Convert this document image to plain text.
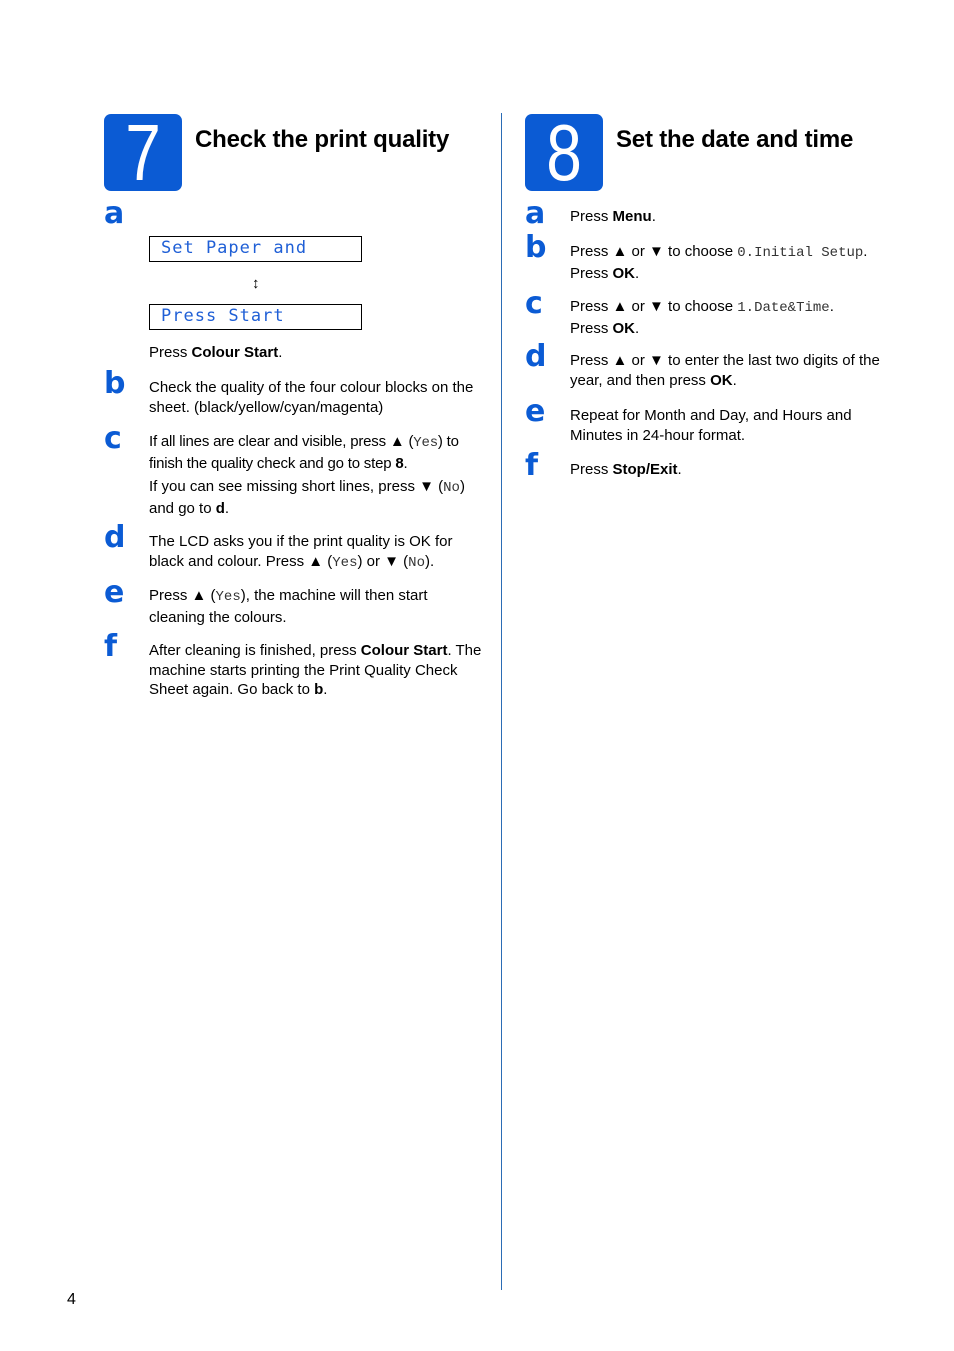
7	Check the print quality
a
Set Paper and
↕
Press Start
Press Colour Start.
b Check the quality of the four colour blocks on the sheet. (black/yellow/cyan/magenta)
c If all lines are clear and visible, press ▲ (Yes) to finish the quality check and go to step 8.
If you can see missing short lines, press ▼ (No) and go to d.
d The LCD asks you if the print quality is OK for black and colour. Press ▲ (Yes) or ▼ (No).
e Press ▲ (Yes), the machine will then start cleaning the colours.
f After cleaning is finished, press Colour Start. The machine starts printing the Print Quality Check Sheet again. Go back to b.
8	Set the date and time
a Press Menu.
b Press ▲ or ▼ to choose 0.Initial Setup.
Press OK.
c Press ▲ or ▼ to choose 1.Date&Time.
Press OK.
d Press ▲ or ▼ to enter the last two digits of the year, and then press OK.
e Repeat for Month and Day, and Hours and Minutes in 24-hour format.
f Press Stop/Exit.
4
